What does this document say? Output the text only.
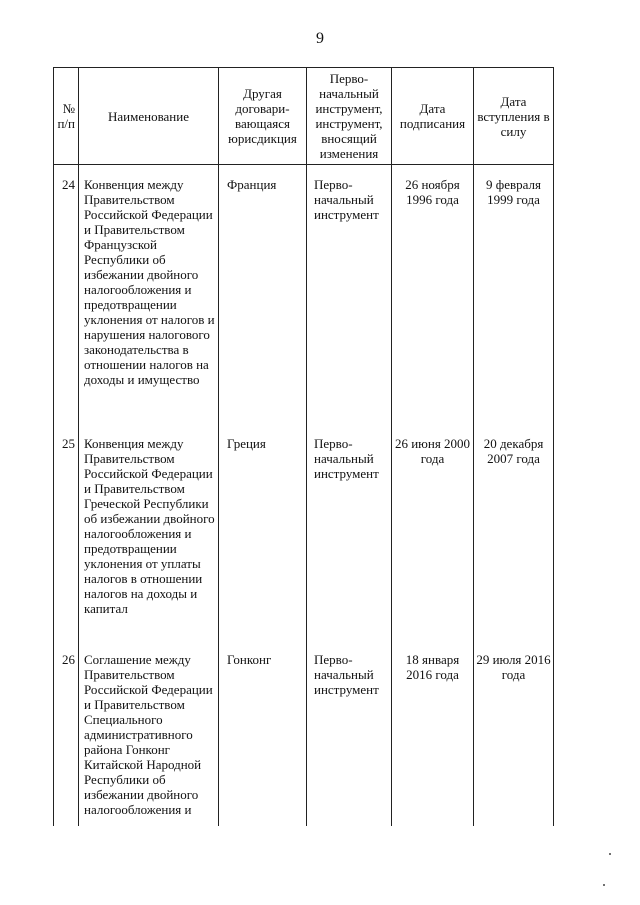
9
№ п/п	Наименование	Другая договари-вающаяся юрисдикция	Перво-начальный инструмент, инструмент, вносящий изменения	Дата подписания	Дата вступления в силу
24	Конвенция между Правительством Российской Федерации и Правительством Французской Республики об избежании двойного налогообложения и предотвращении уклонения от налогов и нарушения налогового законодательства в отношении налогов на доходы и имущество	Франция	Перво-начальный инструмент	26 ноября 1996 года	9 февраля 1999 года
25	Конвенция между Правительством Российской Федерации и Правительством Греческой Республики об избежании двойного налогообложения и предотвращении уклонения от уплаты налогов в отношении налогов на доходы и капитал	Греция	Перво-начальный инструмент	26 июня 2000 года	20 декабря 2007 года
26	Соглашение между Правительством Российской Федерации и Правительством Специального административного района Гонконг Китайской Народной Республики об избежании двойного налогообложения и	Гонконг	Перво-начальный инструмент	18 января 2016 года	29 июля 2016 года
